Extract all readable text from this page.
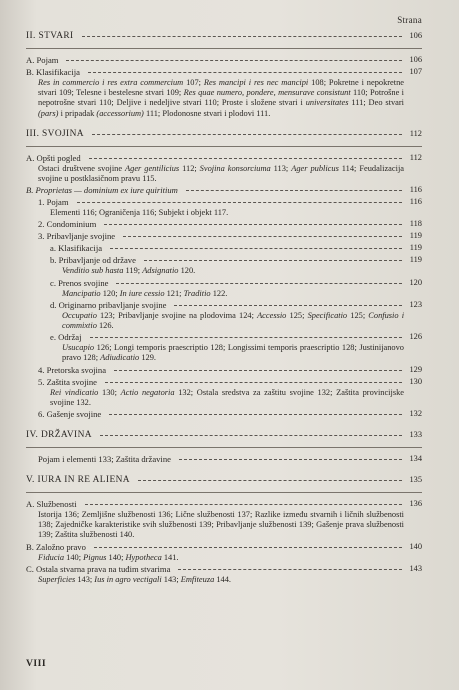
Strana
II. STVARI	106
A. Pojam	106
B. Klasifikacija	107
Res in commercio i res extra commercium 107; Res mancipi i res nec mancipi 108; Pokretne i nepokretne stvari 109; Telesne i bestelesne stvari 109; Res quae numero, pondere, mensurave consistunt 110; Potrošne i nepotrošne stvari 110; Deljive i nedeljive stvari 110; Proste i složene stvari i universitates 111; Deo stvari (pars) i pripadak (accessorium) 111; Plodonosne stvari i plodovi 111.
III. SVOJINA	112
A. Opšti pogled	112
Ostaci društvene svojine Ager gentilicius 112; Svojina konsorciuma 113; Ager publicus 114; Feudalizacija svojine u postklasičnom pravu 115.
B. Proprietas — dominium ex iure quiritium	116
1. Pojam	116
Elementi 116; Ograničenja 116; Subjekt i objekt 117.
2. Condominium	118
3. Pribavljanje svojine	119
a. Klasifikacija	119
b. Pribavljanje od države	119
Venditio sub hasta 119; Adsignatio 120.
c. Prenos svojine	120
Mancipatio 120; In iure cessio 121; Traditio 122.
d. Originarno pribavljanje svojine	123
Occupatio 123; Pribavljanje svojine na plodovima 124; Accessio 125; Specificatio 125; Confusio i commixtio 126.
e. Održaj	126
Usucapio 126; Longi temporis praescriptio 128; Longissimi temporis praescriptio 128; Justinijanovo pravo 128; Adiudicatio 129.
4. Pretorska svojina	129
5. Zaštita svojine	130
Rei vindicatio 130; Actio negatoria 132; Ostala sredstva za zaštitu svojine 132; Zaštita provincijske svojine 132.
6. Gašenje svojine	132
IV. DRŽAVINA	133
Pojam i elementi 133; Zaštita državine	134
V. IURA IN RE ALIENA	135
A. Službenosti	136
Istorija 136; Zemljišne službenosti 136; Lične službenosti 137; Razlike između stvarnih i ličnih službenosti 138; Zajedničke karakteristike svih službenosti 139; Pribavljanje službenosti 139; Gašenje prava službenosti 139; Zaštita službenosti 140.
B. Založno pravo	140
Fiducia 140; Pignus 140; Hypotheca 141.
C. Ostala stvarna prava na tuđim stvarima	143
Superficies 143; Ius in agro vectigali 143; Emfiteuza 144.
VIII
